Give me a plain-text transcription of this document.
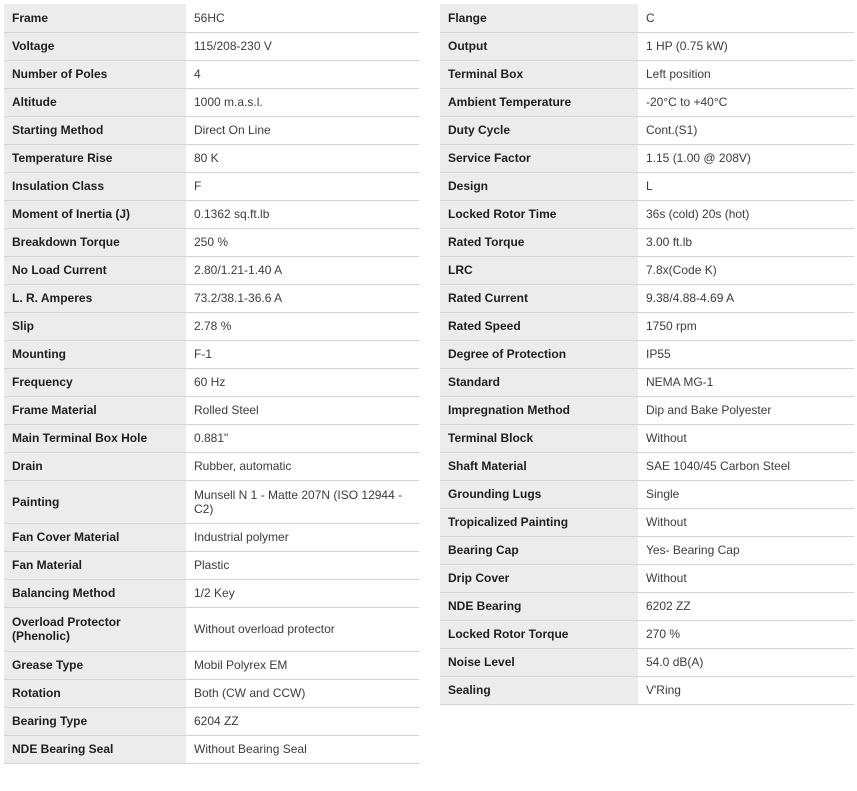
Frame	56HC
Voltage	115/208-230 V
Number of Poles	4
Altitude	1000 m.a.s.l.
Starting Method	Direct On Line
Temperature Rise	80 K
Insulation Class	F
Moment of Inertia (J)	0.1362 sq.ft.lb
Breakdown Torque	250 %
No Load Current	2.80/1.21-1.40 A
L. R. Amperes	73.2/38.1-36.6 A
Slip	2.78 %
Mounting	F-1
Frequency	60 Hz
Frame Material	Rolled Steel
Main Terminal Box Hole	0.881"
Drain	Rubber, automatic
Painting	Munsell N 1 - Matte 207N (ISO 12944 - C2)
Fan Cover Material	Industrial polymer
Fan Material	Plastic
Balancing Method	1/2 Key
Overload Protector (Phenolic)	Without overload protector
Grease Type	Mobil Polyrex EM
Rotation	Both (CW and CCW)
Bearing Type	6204 ZZ
NDE Bearing Seal	Without Bearing Seal
Flange	C
Output	1 HP (0.75 kW)
Terminal Box	Left position
Ambient Temperature	-20°C to +40°C
Duty Cycle	Cont.(S1)
Service Factor	1.15 (1.00 @ 208V)
Design	L
Locked Rotor Time	36s (cold) 20s (hot)
Rated Torque	3.00 ft.lb
LRC	7.8x(Code K)
Rated Current	9.38/4.88-4.69 A
Rated Speed	1750 rpm
Degree of Protection	IP55
Standard	NEMA MG-1
Impregnation Method	Dip and Bake Polyester
Terminal Block	Without
Shaft Material	SAE 1040/45 Carbon Steel
Grounding Lugs	Single
Tropicalized Painting	Without
Bearing Cap	Yes- Bearing Cap
Drip Cover	Without
NDE Bearing	6202 ZZ
Locked Rotor Torque	270 %
Noise Level	54.0 dB(A)
Sealing	V'Ring
